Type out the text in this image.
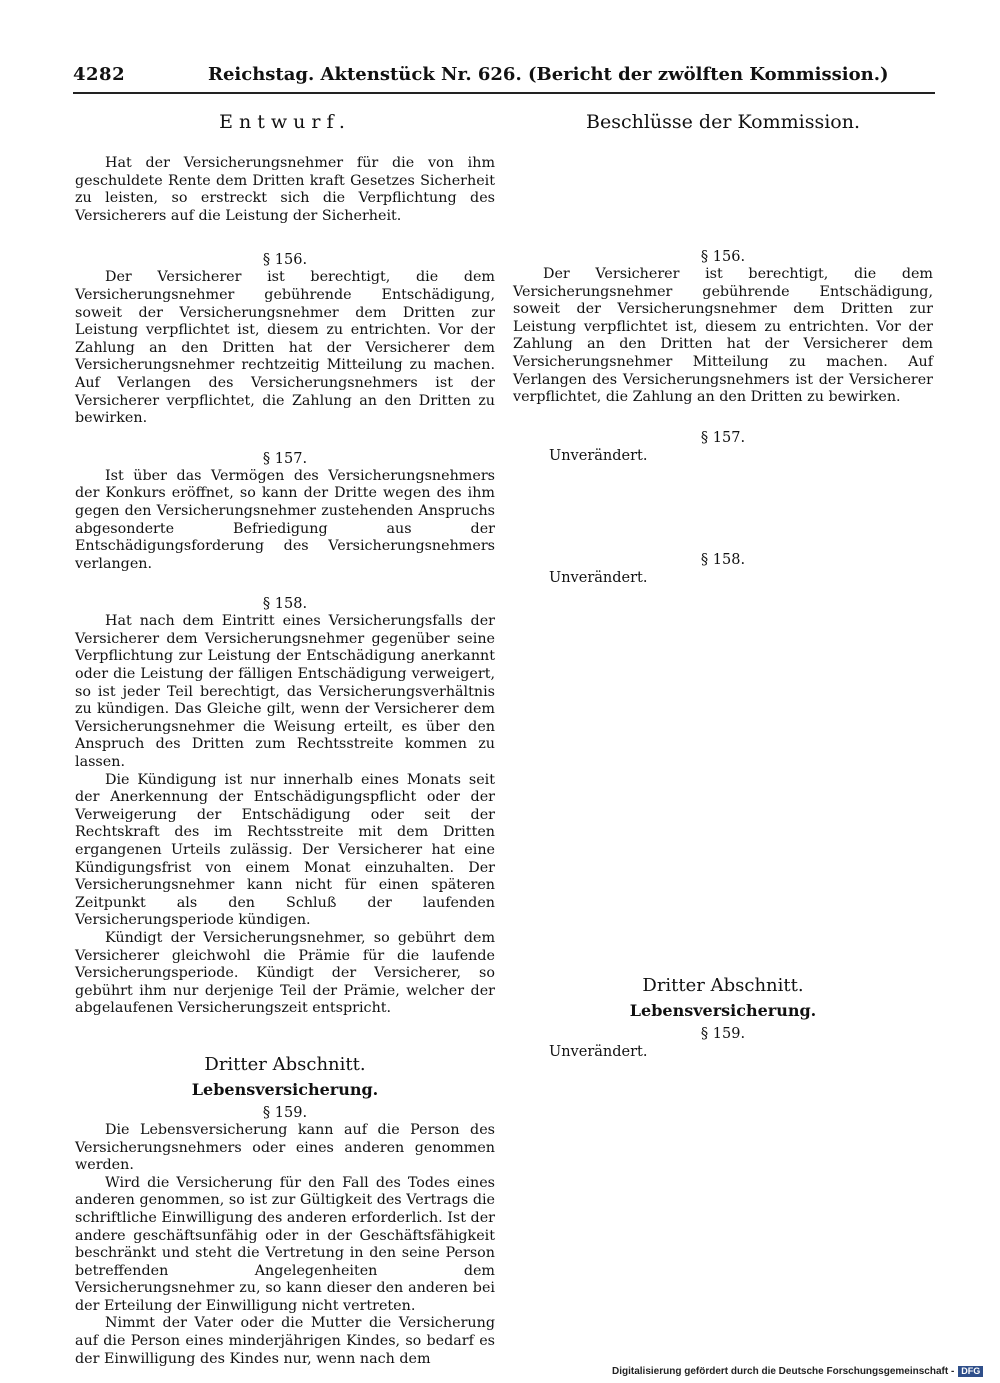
4282	Reichstag. Aktenstück Nr. 626. (Bericht der zwölften Kommission.)
Entwurf.

Hat der Versicherungsnehmer für die von ihm geschuldete Rente dem Dritten kraft Gesetzes Sicherheit zu leisten, so erstreckt sich die Verpflichtung des Versicherers auf die Leistung der Sicherheit.

§ 156.

Der Versicherer ist berechtigt, die dem Versicherungsnehmer gebührende Entschädigung, soweit der Versicherungsnehmer dem Dritten zur Leistung verpflichtet ist, diesem zu entrichten. Vor der Zahlung an den Dritten hat der Versicherer dem Versicherungsnehmer rechtzeitig Mitteilung zu machen. Auf Verlangen des Versicherungsnehmers ist der Versicherer verpflichtet, die Zahlung an den Dritten zu bewirken.

§ 157.

Ist über das Vermögen des Versicherungsnehmers der Konkurs eröffnet, so kann der Dritte wegen des ihm gegen den Versicherungsnehmer zustehenden Anspruchs abgesonderte Befriedigung aus der Entschädigungsforderung des Versicherungsnehmers verlangen.

§ 158.

Hat nach dem Eintritt eines Versicherungsfalls der Versicherer dem Versicherungsnehmer gegenüber seine Verpflichtung zur Leistung der Entschädigung anerkannt oder die Leistung der fälligen Entschädigung verweigert, so ist jeder Teil berechtigt, das Versicherungsverhältnis zu kündigen. Das Gleiche gilt, wenn der Versicherer dem Versicherungsnehmer die Weisung erteilt, es über den Anspruch des Dritten zum Rechtsstreite kommen zu lassen.

Die Kündigung ist nur innerhalb eines Monats seit der Anerkennung der Entschädigungspflicht oder der Verweigerung der Entschädigung oder seit der Rechtskraft des im Rechtsstreite mit dem Dritten ergangenen Urteils zulässig. Der Versicherer hat eine Kündigungsfrist von einem Monat einzuhalten. Der Versicherungsnehmer kann nicht für einen späteren Zeitpunkt als den Schluß der laufenden Versicherungsperiode kündigen.

Kündigt der Versicherungsnehmer, so gebührt dem Versicherer gleichwohl die Prämie für die laufende Versicherungsperiode. Kündigt der Versicherer, so gebührt ihm nur derjenige Teil der Prämie, welcher der abgelaufenen Versicherungszeit entspricht.

Dritter Abschnitt.
Lebensversicherung.
§ 159.

Die Lebensversicherung kann auf die Person des Versicherungsnehmers oder eines anderen genommen werden.

Wird die Versicherung für den Fall des Todes eines anderen genommen, so ist zur Gültigkeit des Vertrags die schriftliche Einwilligung des anderen erforderlich. Ist der andere geschäftsunfähig oder in der Geschäftsfähigkeit beschränkt und steht die Vertretung in den seine Person betreffenden Angelegenheiten dem Versicherungsnehmer zu, so kann dieser den anderen bei der Erteilung der Einwilligung nicht vertreten.

Nimmt der Vater oder die Mutter die Versicherung auf die Person eines minderjährigen Kindes, so bedarf es der Einwilligung des Kindes nur, wenn nach dem

Beschlüsse der Kommission.
§ 156.

Der Versicherer ist berechtigt, die dem Versicherungsnehmer gebührende Entschädigung, soweit der Versicherungsnehmer dem Dritten zur Leistung verpflichtet ist, diesem zu entrichten. Vor der Zahlung an den Dritten hat der Versicherer dem Versicherungsnehmer Mitteilung zu machen. Auf Verlangen des Versicherungsnehmers ist der Versicherer verpflichtet, die Zahlung an den Dritten zu bewirken.

§ 157.
Unverändert.
§ 158.
Unverändert.
Dritter Abschnitt.
Lebensversicherung.
§ 159.
Unverändert.
Digitalisierung gefördert durch die Deutsche Forschungsgemeinschaft - DFG
